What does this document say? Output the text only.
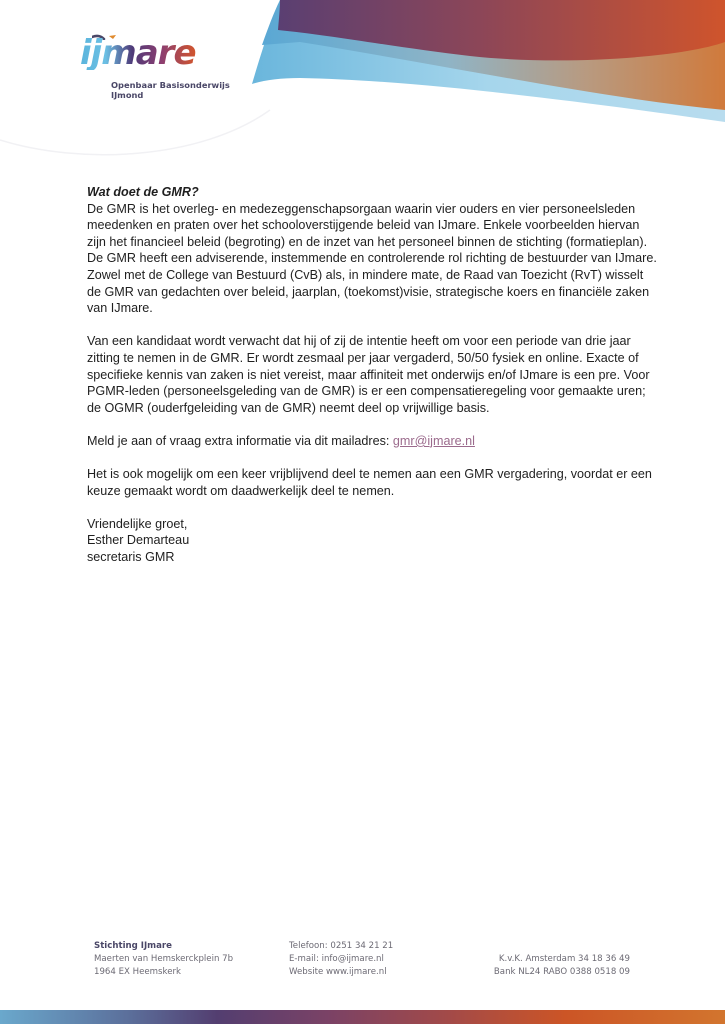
ijmare
Openbaar Basisonderwijs
IJmond

Wat doet de GMR?

De GMR is het overleg- en medezeggenschapsorgaan waarin vier ouders en vier personeelsleden meedenken en praten over het schooloverstijgende beleid van IJmare. Enkele voorbeelden hiervan zijn het financieel beleid (begroting) en de inzet van het personeel binnen de stichting (formatieplan).

De GMR heeft een adviserende, instemmende en controlerende rol richting de bestuurder van IJmare. Zowel met de College van Bestuurd (CvB) als, in mindere mate, de Raad van Toezicht (RvT) wisselt de GMR van gedachten over beleid, jaarplan, (toekomst)visie, strategische koers en financiële zaken van IJmare.

Van een kandidaat wordt verwacht dat hij of zij de intentie heeft om voor een periode van drie jaar zitting te nemen in de GMR. Er wordt zesmaal per jaar vergaderd, 50/50 fysiek en online. Exacte of specifieke kennis van zaken is niet vereist, maar affiniteit met onderwijs en/of IJmare is een pre. Voor PGMR-leden (personeelsgeleding van de GMR) is er een compensatieregeling voor gemaakte uren; de OGMR (ouderfgeleiding van de GMR) neemt deel op vrijwillige basis.

Meld je aan of vraag extra informatie via dit mailadres: gmr@ijmare.nl

Het is ook mogelijk om een keer vrijblijvend deel te nemen aan een GMR vergadering, voordat er een keuze gemaakt wordt om daadwerkelijk deel te nemen.

Vriendelijke groet,

Esther Demarteau

secretaris GMR

Stichting IJmare
Maerten van Hemskerckplein 7b
1964 EX Heemskerk
Telefoon: 0251 34 21 21
E-mail: info@ijmare.nl
Website www.ijmare.nl
K.v.K. Amsterdam 34 18 36 49
Bank NL24 RABO 0388 0518 09
